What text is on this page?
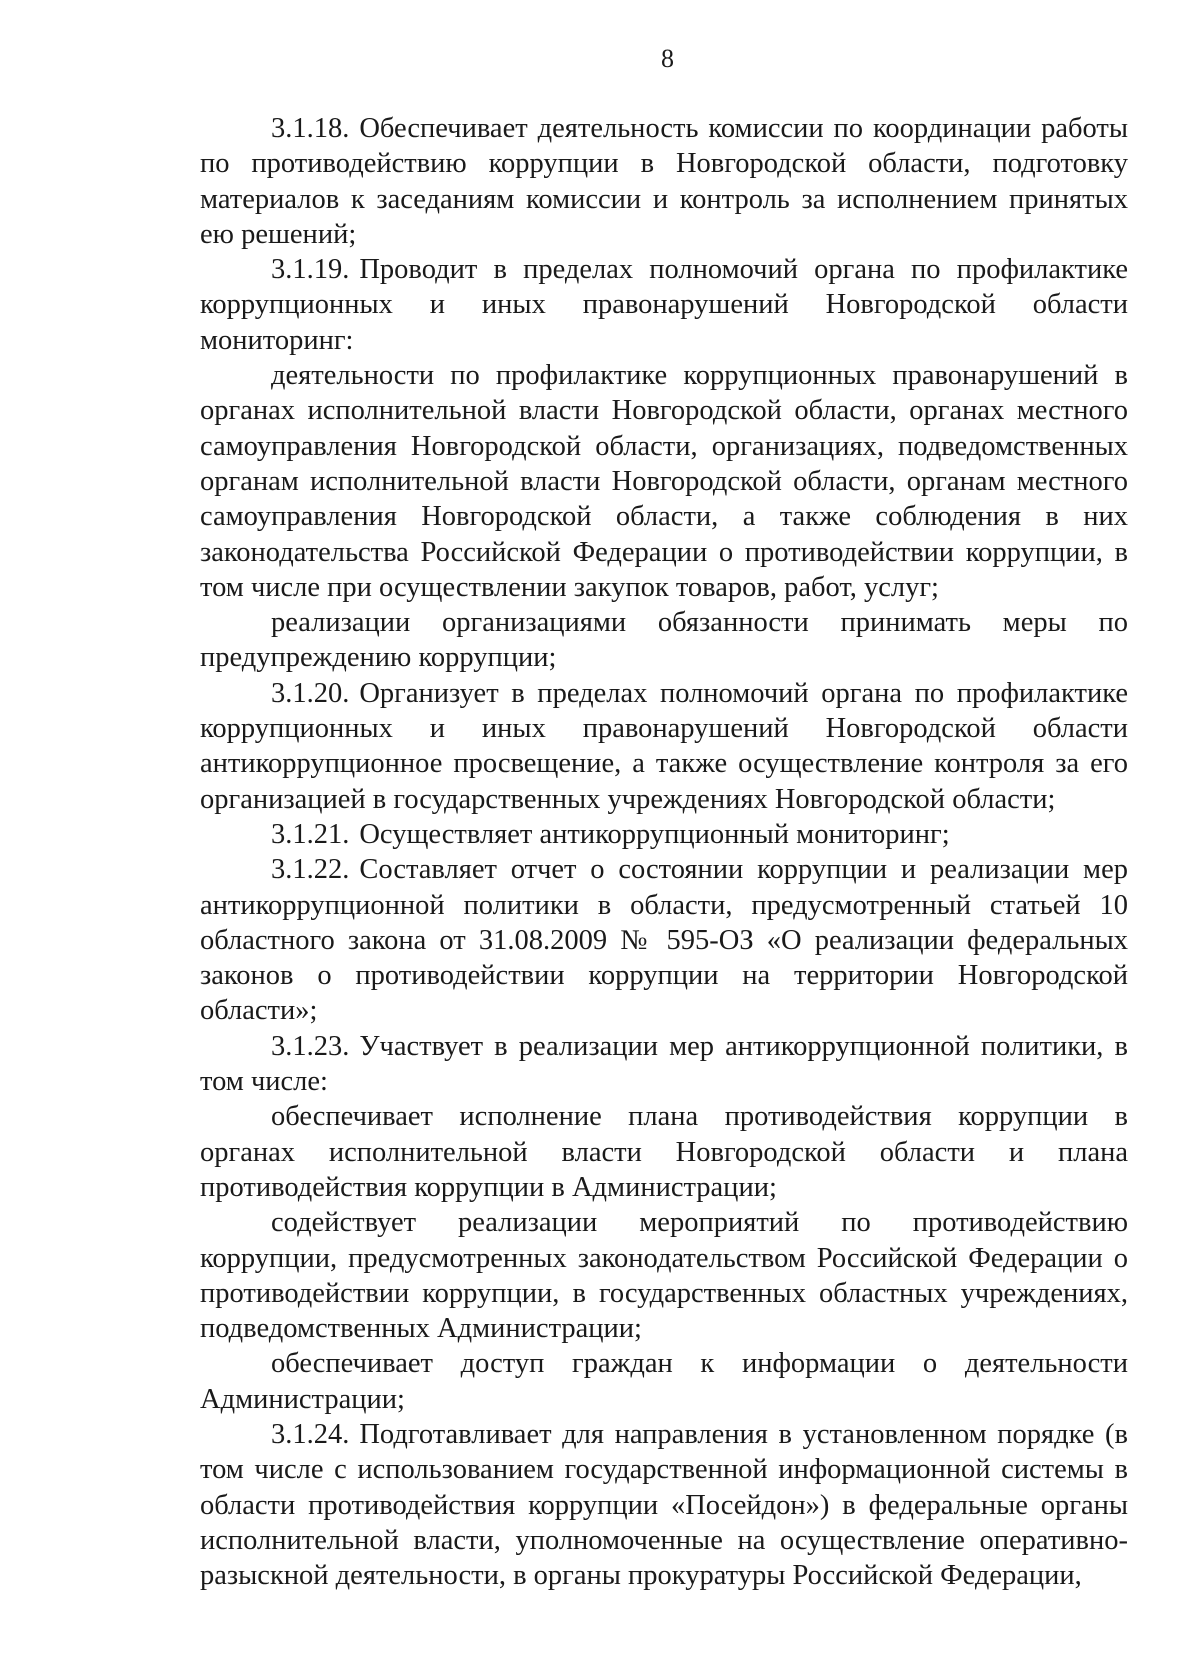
8

3.1.18. Обеспечивает деятельность комиссии по координации работы по противодействию коррупции в Новгородской области, подготовку материалов к заседаниям комиссии и контроль за исполнением принятых ею решений;

3.1.19. Проводит в пределах полномочий органа по профилактике коррупционных и иных правонарушений Новгородской области мониторинг:

деятельности по профилактике коррупционных правонарушений в органах исполнительной власти Новгородской области, органах местного самоуправления Новгородской области, организациях, подведомственных органам исполнительной власти Новгородской области, органам местного самоуправления Новгородской области, а также соблюдения в них законодательства Российской Федерации о противодействии коррупции, в том числе при осуществлении закупок товаров, работ, услуг;

реализации организациями обязанности принимать меры по предупреждению коррупции;

3.1.20. Организует в пределах полномочий органа по профилактике коррупционных и иных правонарушений Новгородской области антикоррупционное просвещение, а также осуществление контроля за его организацией в государственных учреждениях Новгородской области;

3.1.21. Осуществляет антикоррупционный мониторинг;

3.1.22. Составляет отчет о состоянии коррупции и реализации мер антикоррупционной политики в области, предусмотренный статьей 10 областного закона от 31.08.2009 № 595-ОЗ «О реализации федеральных законов о противодействии коррупции на территории Новгородской области»;

3.1.23. Участвует в реализации мер антикоррупционной политики, в том числе:

обеспечивает исполнение плана противодействия коррупции в органах исполнительной власти Новгородской области и плана противодействия коррупции в Администрации;

содействует реализации мероприятий по противодействию коррупции, предусмотренных законодательством Российской Федерации о противодействии коррупции, в государственных областных учреждениях, подведомственных Администрации;

обеспечивает доступ граждан к информации о деятельности Администрации;

3.1.24. Подготавливает для направления в установленном порядке (в том числе с использованием государственной информационной системы в области противодействия коррупции «Посейдон») в федеральные органы исполнительной власти, уполномоченные на осуществление оперативно-разыскной деятельности, в органы прокуратуры Российской Федерации,
